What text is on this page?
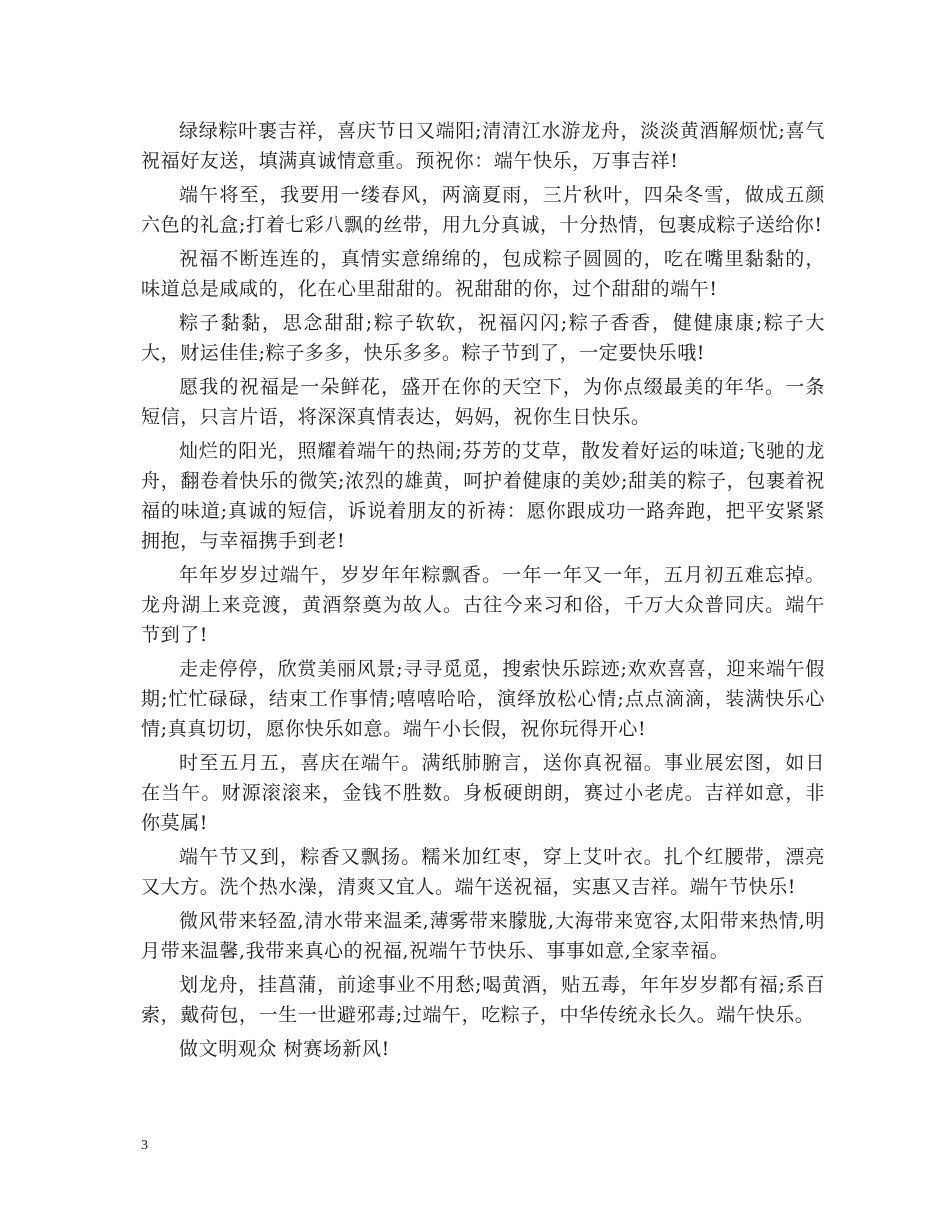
绿绿粽叶裹吉祥，喜庆节日又端阳;清清江水游龙舟，淡淡黄酒解烦忧;喜气祝福好友送，填满真诚情意重。预祝你：端午快乐，万事吉祥!

端午将至，我要用一缕春风，两滴夏雨，三片秋叶，四朵冬雪，做成五颜六色的礼盒;打着七彩八飘的丝带，用九分真诚，十分热情，包裹成粽子送给你!

祝福不断连连的，真情实意绵绵的，包成粽子圆圆的，吃在嘴里黏黏的，味道总是咸咸的，化在心里甜甜的。祝甜甜的你，过个甜甜的端午!

粽子黏黏，思念甜甜;粽子软软，祝福闪闪;粽子香香，健健康康;粽子大大，财运佳佳;粽子多多，快乐多多。粽子节到了，一定要快乐哦!

愿我的祝福是一朵鲜花，盛开在你的天空下，为你点缀最美的年华。一条短信，只言片语，将深深真情表达，妈妈，祝你生日快乐。

灿烂的阳光，照耀着端午的热闹;芬芳的艾草，散发着好运的味道;飞驰的龙舟，翻卷着快乐的微笑;浓烈的雄黄，呵护着健康的美妙;甜美的粽子，包裹着祝福的味道;真诚的短信，诉说着朋友的祈祷：愿你跟成功一路奔跑，把平安紧紧拥抱，与幸福携手到老!

年年岁岁过端午，岁岁年年粽飘香。一年一年又一年，五月初五难忘掉。龙舟湖上来竞渡，黄酒祭奠为故人。古往今来习和俗，千万大众普同庆。端午节到了!

走走停停，欣赏美丽风景;寻寻觅觅，搜索快乐踪迹;欢欢喜喜，迎来端午假期;忙忙碌碌，结束工作事情;嘻嘻哈哈，演绎放松心情;点点滴滴，装满快乐心情;真真切切，愿你快乐如意。端午小长假，祝你玩得开心!

时至五月五，喜庆在端午。满纸肺腑言，送你真祝福。事业展宏图，如日在当午。财源滚滚来，金钱不胜数。身板硬朗朗，赛过小老虎。吉祥如意，非你莫属!

端午节又到，粽香又飘扬。糯米加红枣，穿上艾叶衣。扎个红腰带，漂亮又大方。洗个热水澡，清爽又宜人。端午送祝福，实惠又吉祥。端午节快乐!

微风带来轻盈,清水带来温柔,薄雾带来朦胧,大海带来宽容,太阳带来热情,明月带来温馨,我带来真心的祝福,祝端午节快乐、事事如意,全家幸福。

划龙舟，挂菖蒲，前途事业不用愁;喝黄酒，贴五毒，年年岁岁都有福;系百索，戴荷包，一生一世避邪毒;过端午，吃粽子，中华传统永长久。端午快乐。

做文明观众 树赛场新风!

3
